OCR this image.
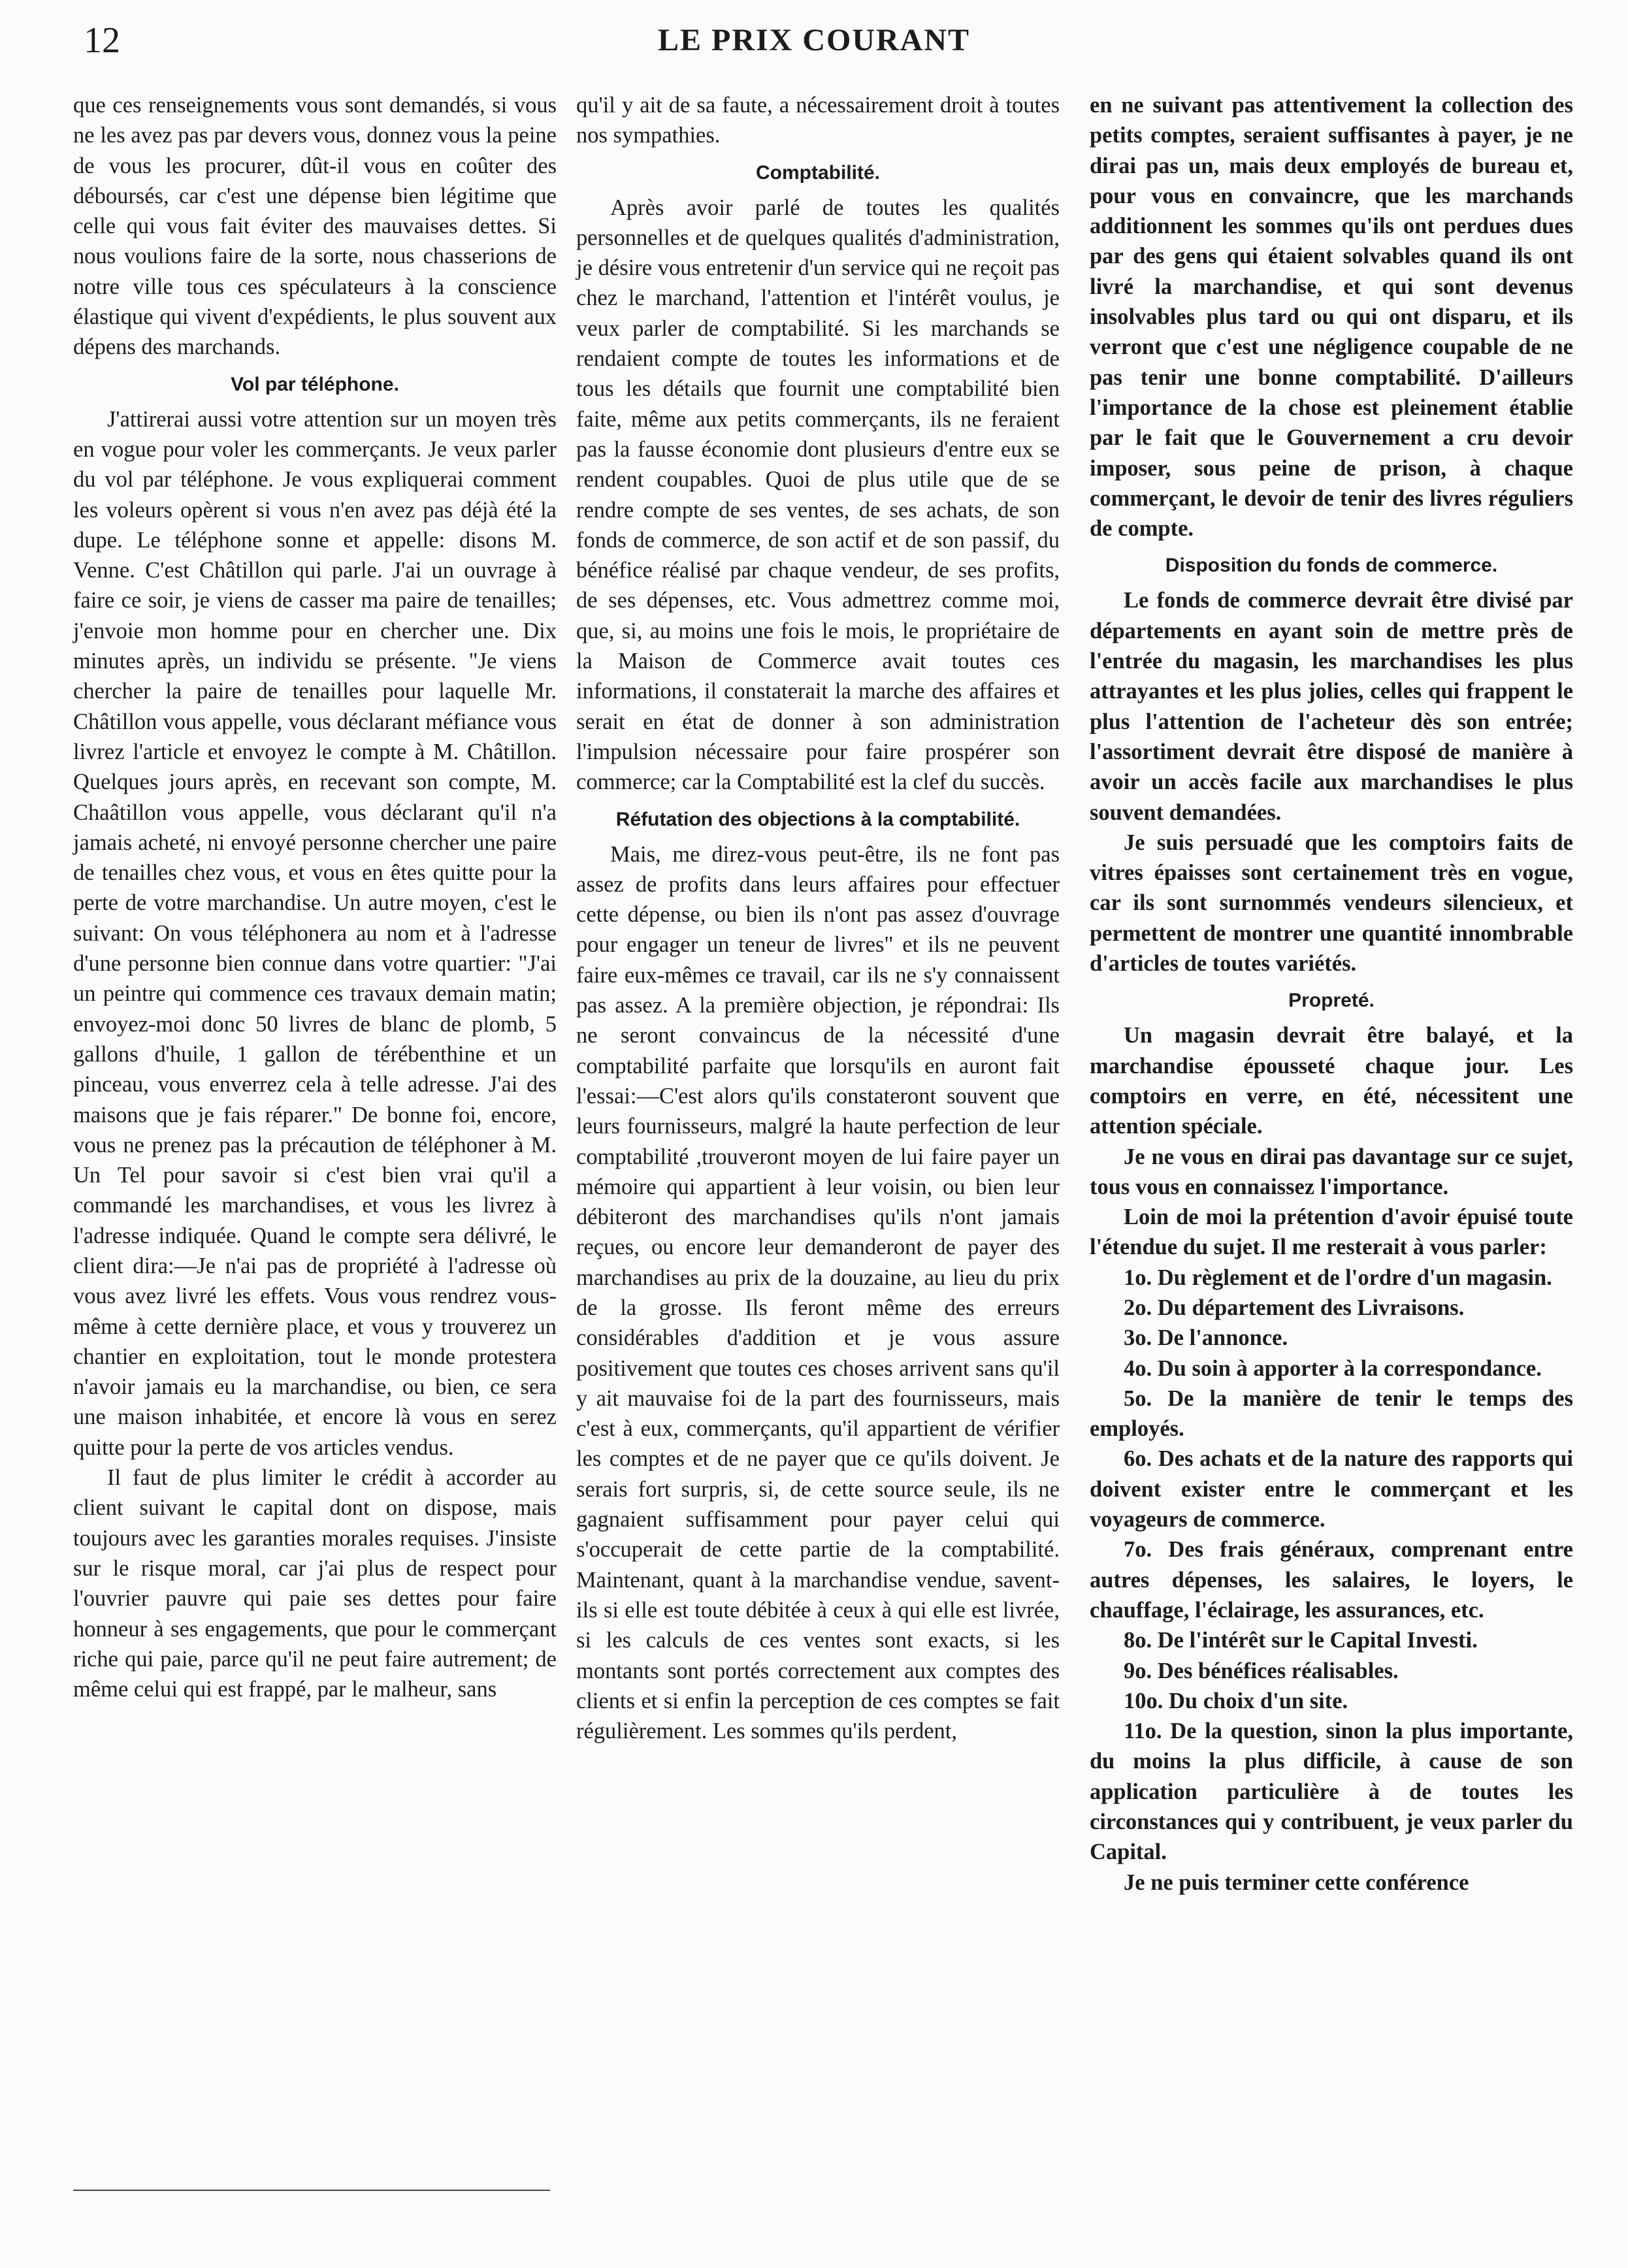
12	LE PRIX COURANT

que ces renseignements vous sont demandés, si vous ne les avez pas par devers vous, donnez vous la peine de vous les procurer, dût-il vous en coûter des déboursés, car c'est une dépense bien légitime que celle qui vous fait éviter des mauvaises dettes. Si nous voulions faire de la sorte, nous chasserions de notre ville tous ces spéculateurs à la conscience élastique qui vivent d'expédients, le plus souvent aux dépens des marchands.

Vol par téléphone.

J'attirerai aussi votre attention sur un moyen très en vogue pour voler les commerçants. Je veux parler du vol par téléphone. Je vous expliquerai comment les voleurs opèrent si vous n'en avez pas déjà été la dupe. Le téléphone sonne et appelle: disons M. Venne. C'est Châtillon qui parle. J'ai un ouvrage à faire ce soir, je viens de casser ma paire de tenailles; j'envoie mon homme pour en chercher une. Dix minutes après, un individu se présente. "Je viens chercher la paire de tenailles pour laquelle Mr. Châtillon vous appelle, vous déclarant méfiance vous livrez l'article et envoyez le compte à M. Châtillon. Quelques jours après, en recevant son compte, M. Chaâtillon vous appelle, vous déclarant qu'il n'a jamais acheté, ni envoyé personne chercher une paire de tenailles chez vous, et vous en êtes quitte pour la perte de votre marchandise. Un autre moyen, c'est le suivant: On vous téléphonera au nom et à l'adresse d'une personne bien connue dans votre quartier: "J'ai un peintre qui commence ces travaux demain matin; envoyez-moi donc 50 livres de blanc de plomb, 5 gallons d'huile, 1 gallon de térébenthine et un pinceau, vous enverrez cela à telle adresse. J'ai des maisons que je fais réparer." De bonne foi, encore, vous ne prenez pas la précaution de téléphoner à M. Un Tel pour savoir si c'est bien vrai qu'il a commandé les marchandises, et vous les livrez à l'adresse indiquée. Quand le compte sera délivré, le client dira:—Je n'ai pas de propriété à l'adresse où vous avez livré les effets. Vous vous rendrez vous-même à cette dernière place, et vous y trouverez un chantier en exploitation, tout le monde protestera n'avoir jamais eu la marchandise, ou bien, ce sera une maison inhabitée, et encore là vous en serez quitte pour la perte de vos articles vendus.

Il faut de plus limiter le crédit à accorder au client suivant le capital dont on dispose, mais toujours avec les garanties morales requises. J'insiste sur le risque moral, car j'ai plus de respect pour l'ouvrier pauvre qui paie ses dettes pour faire honneur à ses engagements, que pour le commerçant riche qui paie, parce qu'il ne peut faire autrement; de même celui qui est frappé, par le malheur, sans

qu'il y ait de sa faute, a nécessairement droit à toutes nos sympathies.

Comptabilité.

Après avoir parlé de toutes les qualités personnelles et de quelques qualités d'administration, je désire vous entretenir d'un service qui ne reçoit pas chez le marchand, l'attention et l'intérêt voulus, je veux parler de comptabilité. Si les marchands se rendaient compte de toutes les informations et de tous les détails que fournit une comptabilité bien faite, même aux petits commerçants, ils ne feraient pas la fausse économie dont plusieurs d'entre eux se rendent coupables. Quoi de plus utile que de se rendre compte de ses ventes, de ses achats, de son fonds de commerce, de son actif et de son passif, du bénéfice réalisé par chaque vendeur, de ses profits, de ses dépenses, etc. Vous admettrez comme moi, que, si, au moins une fois le mois, le propriétaire de la Maison de Commerce avait toutes ces informations, il constaterait la marche des affaires et serait en état de donner à son administration l'impulsion nécessaire pour faire prospérer son commerce; car la Comptabilité est la clef du succès.

Réfutation des objections à la comptabilité.

Mais, me direz-vous peut-être, ils ne font pas assez de profits dans leurs affaires pour effectuer cette dépense, ou bien ils n'ont pas assez d'ouvrage pour engager un teneur de livres" et ils ne peuvent faire eux-mêmes ce travail, car ils ne s'y connaissent pas assez. A la première objection, je répondrai: Ils ne seront convaincus de la nécessité d'une comptabilité parfaite que lorsqu'ils en auront fait l'essai:—C'est alors qu'ils constateront souvent que leurs fournisseurs, malgré la haute perfection de leur comptabilité ,trouveront moyen de lui faire payer un mémoire qui appartient à leur voisin, ou bien leur débiteront des marchandises qu'ils n'ont jamais reçues, ou encore leur demanderont de payer des marchandises au prix de la douzaine, au lieu du prix de la grosse. Ils feront même des erreurs considérables d'addition et je vous assure positivement que toutes ces choses arrivent sans qu'il y ait mauvaise foi de la part des fournisseurs, mais c'est à eux, commerçants, qu'il appartient de vérifier les comptes et de ne payer que ce qu'ils doivent. Je serais fort surpris, si, de cette source seule, ils ne gagnaient suffisamment pour payer celui qui s'occuperait de cette partie de la comptabilité. Maintenant, quant à la marchandise vendue, savent-ils si elle est toute débitée à ceux à qui elle est livrée, si les calculs de ces ventes sont exacts, si les montants sont portés correctement aux comptes des clients et si enfin la perception de ces comptes se fait régulièrement. Les sommes qu'ils perdent,

en ne suivant pas attentivement la collection des petits comptes, seraient suffisantes à payer, je ne dirai pas un, mais deux employés de bureau et, pour vous en convaincre, que les marchands additionnent les sommes qu'ils ont perdues dues par des gens qui étaient solvables quand ils ont livré la marchandise, et qui sont devenus insolvables plus tard ou qui ont disparu, et ils verront que c'est une négligence coupable de ne pas tenir une bonne comptabilité. D'ailleurs l'importance de la chose est pleinement établie par le fait que le Gouvernement a cru devoir imposer, sous peine de prison, à chaque commerçant, le devoir de tenir des livres réguliers de compte.

Disposition du fonds de commerce.

Le fonds de commerce devrait être divisé par départements en ayant soin de mettre près de l'entrée du magasin, les marchandises les plus attrayantes et les plus jolies, celles qui frappent le plus l'attention de l'acheteur dès son entrée; l'assortiment devrait être disposé de manière à avoir un accès facile aux marchandises le plus souvent demandées.

Je suis persuadé que les comptoirs faits de vitres épaisses sont certainement très en vogue, car ils sont surnommés vendeurs silencieux, et permettent de montrer une quantité innombrable d'articles de toutes variétés.

Propreté.

Un magasin devrait être balayé, et la marchandise épousseté chaque jour. Les comptoirs en verre, en été, nécessitent une attention spéciale.

Je ne vous en dirai pas davantage sur ce sujet, tous vous en connaissez l'importance.

Loin de moi la prétention d'avoir épuisé toute l'étendue du sujet. Il me resterait à vous parler:

1o. Du règlement et de l'ordre d'un magasin.

2o. Du département des Livraisons.

3o. De l'annonce.

4o. Du soin à apporter à la correspondance.

5o. De la manière de tenir le temps des employés.

6o. Des achats et de la nature des rapports qui doivent exister entre le commerçant et les voyageurs de commerce.

7o. Des frais généraux, comprenant entre autres dépenses, les salaires, le loyers, le chauffage, l'éclairage, les assurances, etc.

8o. De l'intérêt sur le Capital Investi.

9o. Des bénéfices réalisables.

10o. Du choix d'un site.

11o. De la question, sinon la plus importante, du moins la plus difficile, à cause de son application particulière à de toutes les circonstances qui y contribuent, je veux parler du Capital.

Je ne puis terminer cette conférence
